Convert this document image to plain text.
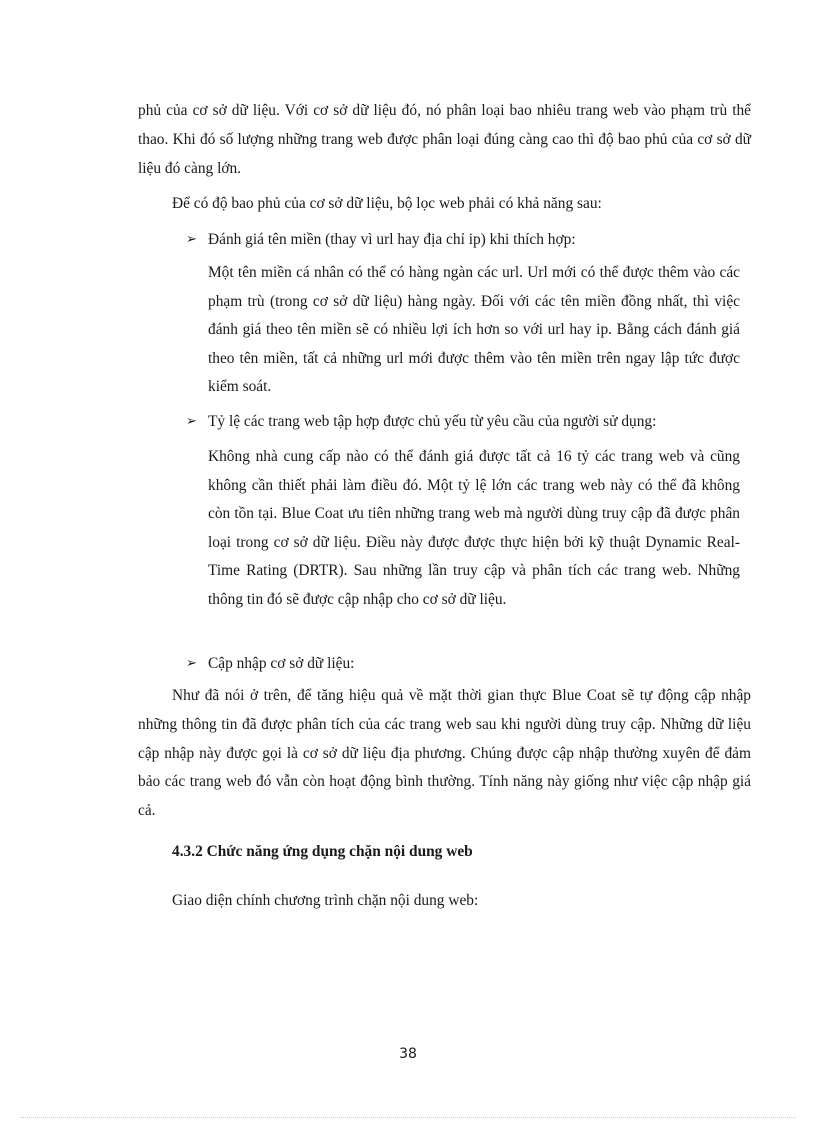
phủ của cơ sở dữ liệu. Với cơ sở dữ liệu đó, nó phân loại bao nhiêu trang web vào phạm trù thể thao. Khi đó số lượng những trang web được phân loại đúng càng cao thì độ bao phủ của cơ sở dữ liệu đó càng lớn.

Để có độ bao phủ của cơ sở dữ liệu, bộ lọc web phải có khả năng sau:

➢ Đánh giá tên miền (thay vì url hay địa chỉ ip) khi thích hợp:

Một tên miền cá nhân có thể có hàng ngàn các url. Url mới có thể được thêm vào các phạm trù (trong cơ sở dữ liệu) hàng ngày. Đối với các tên miền đồng nhất, thì việc đánh giá theo tên miền sẽ có nhiều lợi ích hơn so với url hay ip. Bằng cách đánh giá theo tên miền, tất cả những url mới được thêm vào tên miền trên ngay lập tức được kiểm soát.

➢ Tỷ lệ các trang web tập hợp được chủ yếu từ yêu cầu của người sử dụng:

Không nhà cung cấp nào có thể đánh giá được tất cả 16 tỷ các trang web và cũng không cần thiết phải làm điều đó. Một tỷ lệ lớn các trang web này có thể đã không còn tồn tại. Blue Coat ưu tiên những trang web mà người dùng truy cập đã được phân loại trong cơ sở dữ liệu. Điều này được được thực hiện bởi kỹ thuật Dynamic Real-Time Rating (DRTR). Sau những lần truy cập và phân tích các trang web. Những thông tin đó sẽ được cập nhập cho cơ sở dữ liệu.

➢ Cập nhập cơ sở dữ liệu:

Như đã nói ở trên, để tăng hiệu quả về mặt thời gian thực Blue Coat sẽ tự động cập nhập những thông tin đã được phân tích của các trang web sau khi người dùng truy cập. Những dữ liệu cập nhập này được gọi là cơ sở dữ liệu địa phương. Chúng được cập nhập thường xuyên để đảm bảo các trang web đó vẫn còn hoạt động bình thường. Tính năng này giống như việc cập nhập giá cả.

4.3.2 Chức năng ứng dụng chặn nội dung web

Giao diện chính chương trình chặn nội dung web:

38
